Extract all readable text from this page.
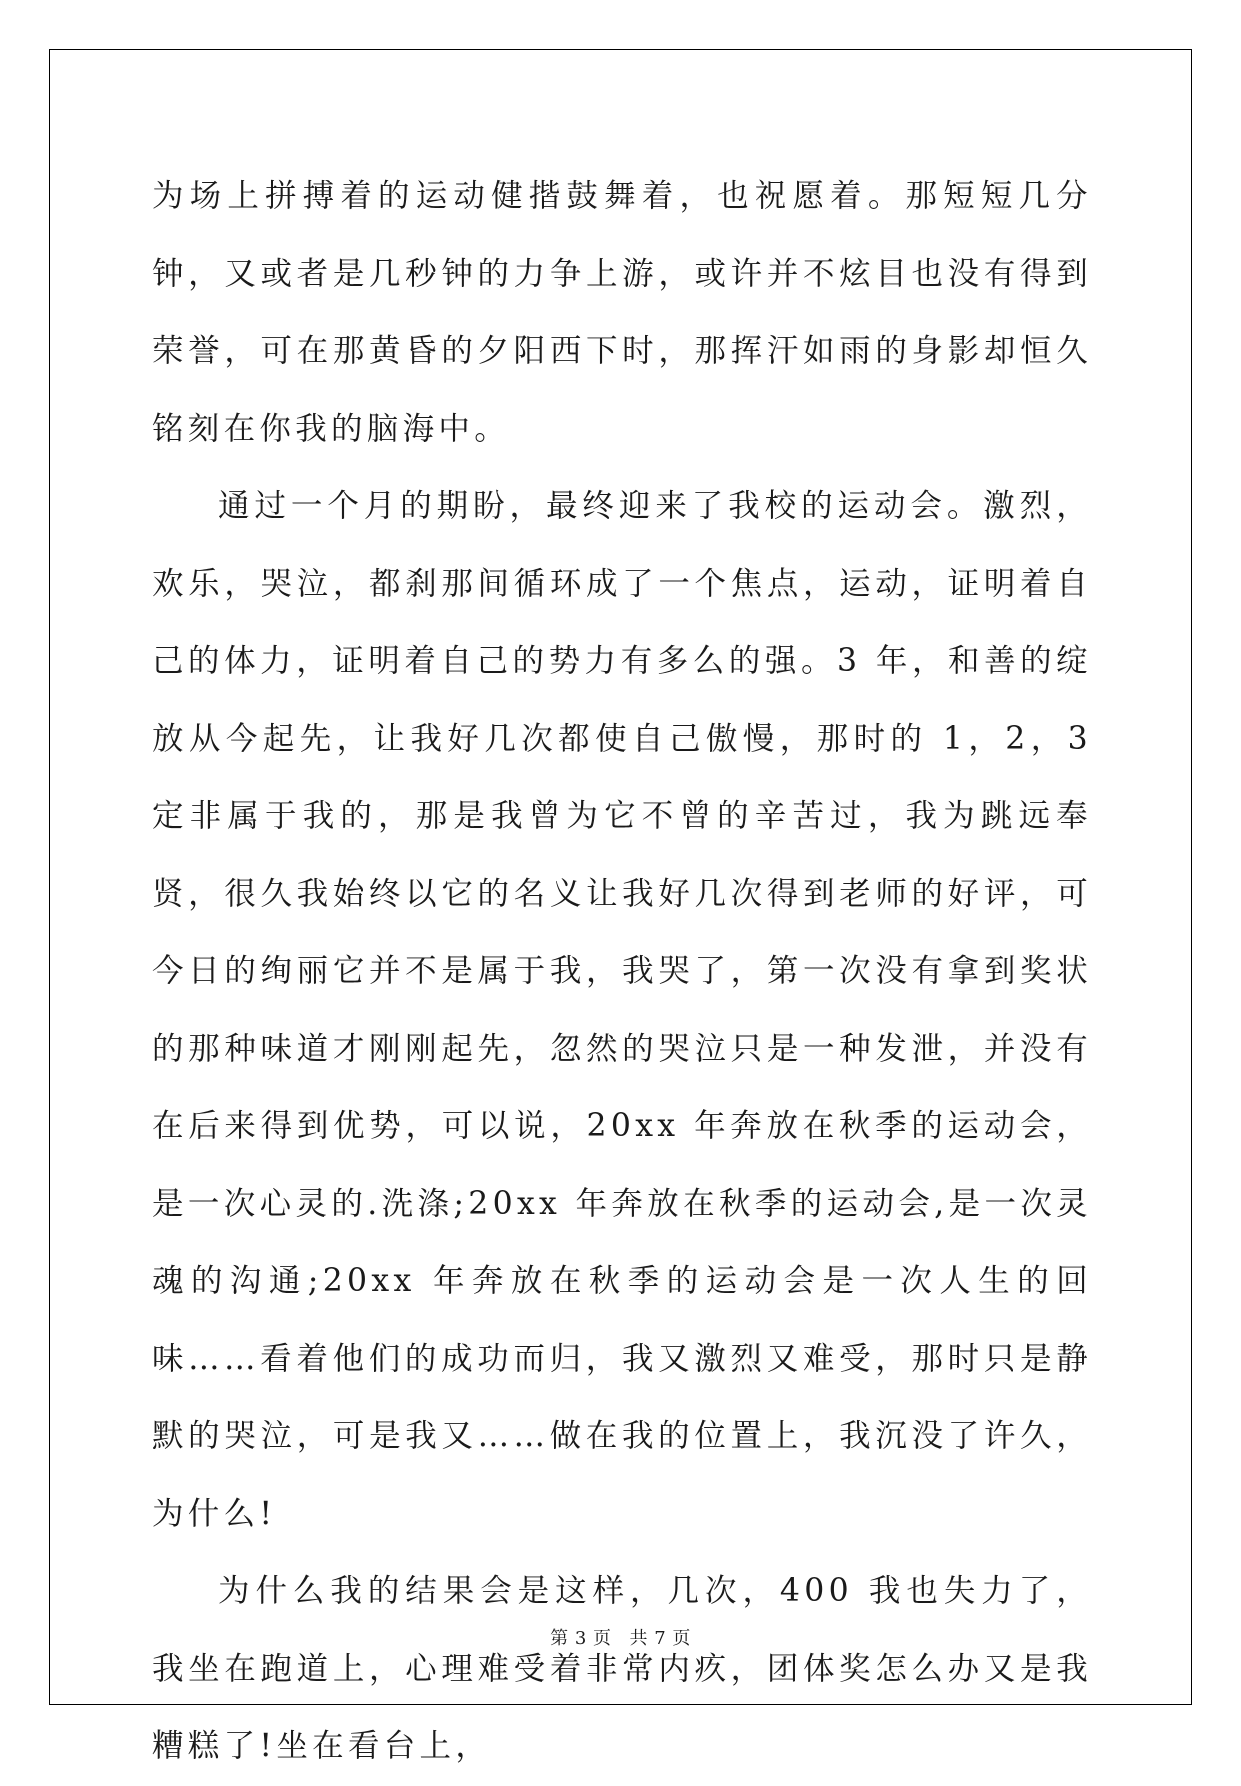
为场上拼搏着的运动健揩鼓舞着，也祝愿着。那短短几分钟，又或者是几秒钟的力争上游，或许并不炫目也没有得到荣誉，可在那黄昏的夕阳西下时，那挥汗如雨的身影却恒久铭刻在你我的脑海中。

通过一个月的期盼，最终迎来了我校的运动会。激烈，欢乐，哭泣，都刹那间循环成了一个焦点，运动，证明着自己的体力，证明着自己的势力有多么的强。3 年，和善的绽放从今起先，让我好几次都使自己傲慢，那时的 1，2，3 定非属于我的，那是我曾为它不曾的辛苦过，我为跳远奉贤，很久我始终以它的名义让我好几次得到老师的好评，可今日的绚丽它并不是属于我，我哭了，第一次没有拿到奖状的那种味道才刚刚起先，忽然的哭泣只是一种发泄，并没有在后来得到优势，可以说，20xx 年奔放在秋季的运动会，是一次心灵的.洗涤;20xx 年奔放在秋季的运动会,是一次灵魂的沟通;20xx 年奔放在秋季的运动会是一次人生的回味……看着他们的成功而归，我又激烈又难受，那时只是静默的哭泣，可是我又……做在我的位置上，我沉没了许久，为什么!

为什么我的结果会是这样，几次，400 我也失力了，我坐在跑道上，心理难受着非常内疚，团体奖怎么办又是我糟糕了!坐在看台上，

第 3 页 共 7 页
